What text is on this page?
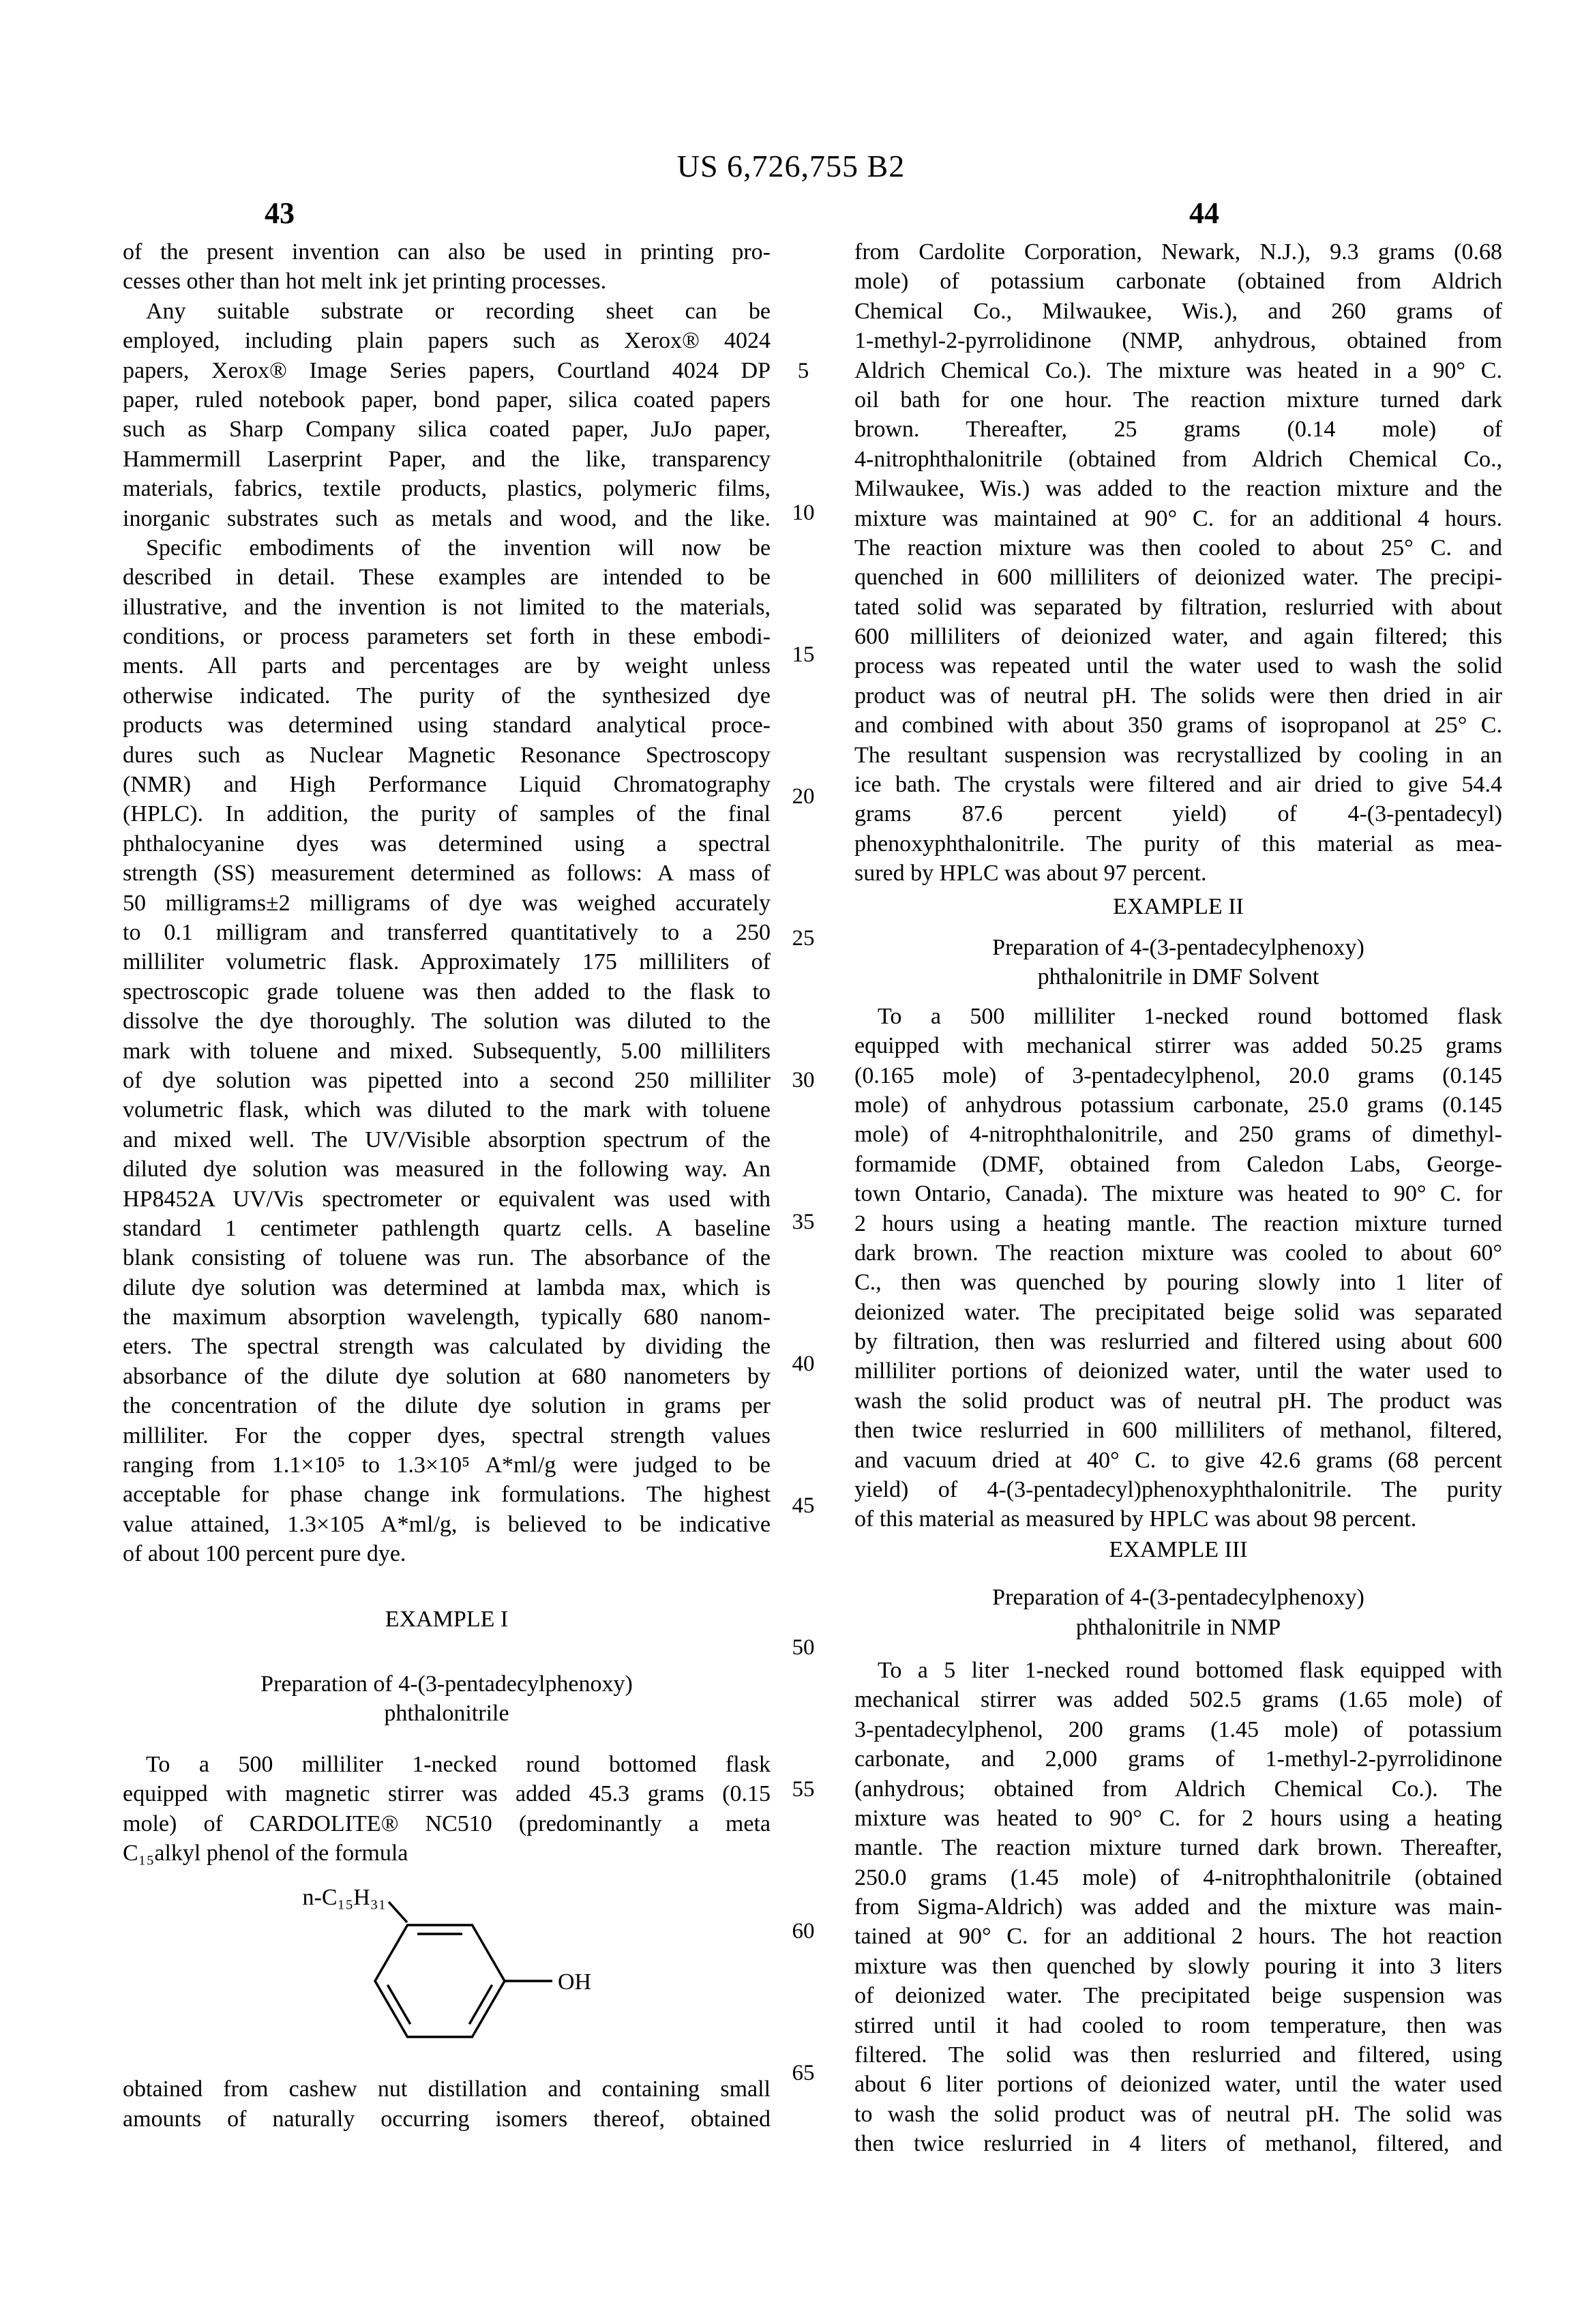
US 6,726,755 B2
43	44
of the present invention can also be used in printing pro-
cesses other than hot melt ink jet printing processes.
Any suitable substrate or recording sheet can be
employed, including plain papers such as Xerox® 4024
papers, Xerox® Image Series papers, Courtland 4024 DP
paper, ruled notebook paper, bond paper, silica coated papers
such as Sharp Company silica coated paper, JuJo paper,
Hammermill Laserprint Paper, and the like, transparency
materials, fabrics, textile products, plastics, polymeric films,
inorganic substrates such as metals and wood, and the like.
Specific embodiments of the invention will now be
described in detail. These examples are intended to be
illustrative, and the invention is not limited to the materials,
conditions, or process parameters set forth in these embodi-
ments. All parts and percentages are by weight unless
otherwise indicated. The purity of the synthesized dye
products was determined using standard analytical proce-
dures such as Nuclear Magnetic Resonance Spectroscopy
(NMR) and High Performance Liquid Chromatography
(HPLC). In addition, the purity of samples of the final
phthalocyanine dyes was determined using a spectral
strength (SS) measurement determined as follows: A mass of
50 milligrams±2 milligrams of dye was weighed accurately
to 0.1 milligram and transferred quantitatively to a 250
milliliter volumetric flask. Approximately 175 milliliters of
spectroscopic grade toluene was then added to the flask to
dissolve the dye thoroughly. The solution was diluted to the
mark with toluene and mixed. Subsequently, 5.00 milliliters
of dye solution was pipetted into a second 250 milliliter
volumetric flask, which was diluted to the mark with toluene
and mixed well. The UV/Visible absorption spectrum of the
diluted dye solution was measured in the following way. An
HP8452A UV/Vis spectrometer or equivalent was used with
standard 1 centimeter pathlength quartz cells. A baseline
blank consisting of toluene was run. The absorbance of the
dilute dye solution was determined at lambda max, which is
the maximum absorption wavelength, typically 680 nanom-
eters. The spectral strength was calculated by dividing the
absorbance of the dilute dye solution at 680 nanometers by
the concentration of the dilute dye solution in grams per
milliliter. For the copper dyes, spectral strength values
ranging from 1.1×10⁵ to 1.3×10⁵ A*ml/g were judged to be
acceptable for phase change ink formulations. The highest
value attained, 1.3×105 A*ml/g, is believed to be indicative
of about 100 percent pure dye.
EXAMPLE I
Preparation of 4-(3-pentadecylphenoxy)
phthalonitrile
To a 500 milliliter 1-necked round bottomed flask
equipped with magnetic stirrer was added 45.3 grams (0.15
mole) of CARDOLITE® NC510 (predominantly a meta
C₁₅alkyl phenol of the formula
n-C₁₅H₃₁
OH
obtained from cashew nut distillation and containing small
amounts of naturally occurring isomers thereof, obtained
from Cardolite Corporation, Newark, N.J.), 9.3 grams (0.68
mole) of potassium carbonate (obtained from Aldrich
Chemical Co., Milwaukee, Wis.), and 260 grams of
1-methyl-2-pyrrolidinone (NMP, anhydrous, obtained from
Aldrich Chemical Co.). The mixture was heated in a 90° C.
oil bath for one hour. The reaction mixture turned dark
brown. Thereafter, 25 grams (0.14 mole) of
4-nitrophthalonitrile (obtained from Aldrich Chemical Co.,
Milwaukee, Wis.) was added to the reaction mixture and the
mixture was maintained at 90° C. for an additional 4 hours.
The reaction mixture was then cooled to about 25° C. and
quenched in 600 milliliters of deionized water. The precipi-
tated solid was separated by filtration, reslurried with about
600 milliliters of deionized water, and again filtered; this
process was repeated until the water used to wash the solid
product was of neutral pH. The solids were then dried in air
and combined with about 350 grams of isopropanol at 25° C.
The resultant suspension was recrystallized by cooling in an
ice bath. The crystals were filtered and air dried to give 54.4
grams 87.6 percent yield) of 4-(3-pentadecyl)
phenoxyphthalonitrile. The purity of this material as mea-
sured by HPLC was about 97 percent.
EXAMPLE II
Preparation of 4-(3-pentadecylphenoxy)
phthalonitrile in DMF Solvent
To a 500 milliliter 1-necked round bottomed flask
equipped with mechanical stirrer was added 50.25 grams
(0.165 mole) of 3-pentadecylphenol, 20.0 grams (0.145
mole) of anhydrous potassium carbonate, 25.0 grams (0.145
mole) of 4-nitrophthalonitrile, and 250 grams of dimethyl-
formamide (DMF, obtained from Caledon Labs, George-
town Ontario, Canada). The mixture was heated to 90° C. for
2 hours using a heating mantle. The reaction mixture turned
dark brown. The reaction mixture was cooled to about 60°
C., then was quenched by pouring slowly into 1 liter of
deionized water. The precipitated beige solid was separated
by filtration, then was reslurried and filtered using about 600
milliliter portions of deionized water, until the water used to
wash the solid product was of neutral pH. The product was
then twice reslurried in 600 milliliters of methanol, filtered,
and vacuum dried at 40° C. to give 42.6 grams (68 percent
yield) of 4-(3-pentadecyl)phenoxyphthalonitrile. The purity
of this material as measured by HPLC was about 98 percent.
EXAMPLE III
Preparation of 4-(3-pentadecylphenoxy)
phthalonitrile in NMP
To a 5 liter 1-necked round bottomed flask equipped with
mechanical stirrer was added 502.5 grams (1.65 mole) of
3-pentadecylphenol, 200 grams (1.45 mole) of potassium
carbonate, and 2,000 grams of 1-methyl-2-pyrrolidinone
(anhydrous; obtained from Aldrich Chemical Co.). The
mixture was heated to 90° C. for 2 hours using a heating
mantle. The reaction mixture turned dark brown. Thereafter,
250.0 grams (1.45 mole) of 4-nitrophthalonitrile (obtained
from Sigma-Aldrich) was added and the mixture was main-
tained at 90° C. for an additional 2 hours. The hot reaction
mixture was then quenched by slowly pouring it into 3 liters
of deionized water. The precipitated beige suspension was
stirred until it had cooled to room temperature, then was
filtered. The solid was then reslurried and filtered, using
about 6 liter portions of deionized water, until the water used
to wash the solid product was of neutral pH. The solid was
then twice reslurried in 4 liters of methanol, filtered, and
5
10
15
20
25
30
35
40
45
50
55
60
65
